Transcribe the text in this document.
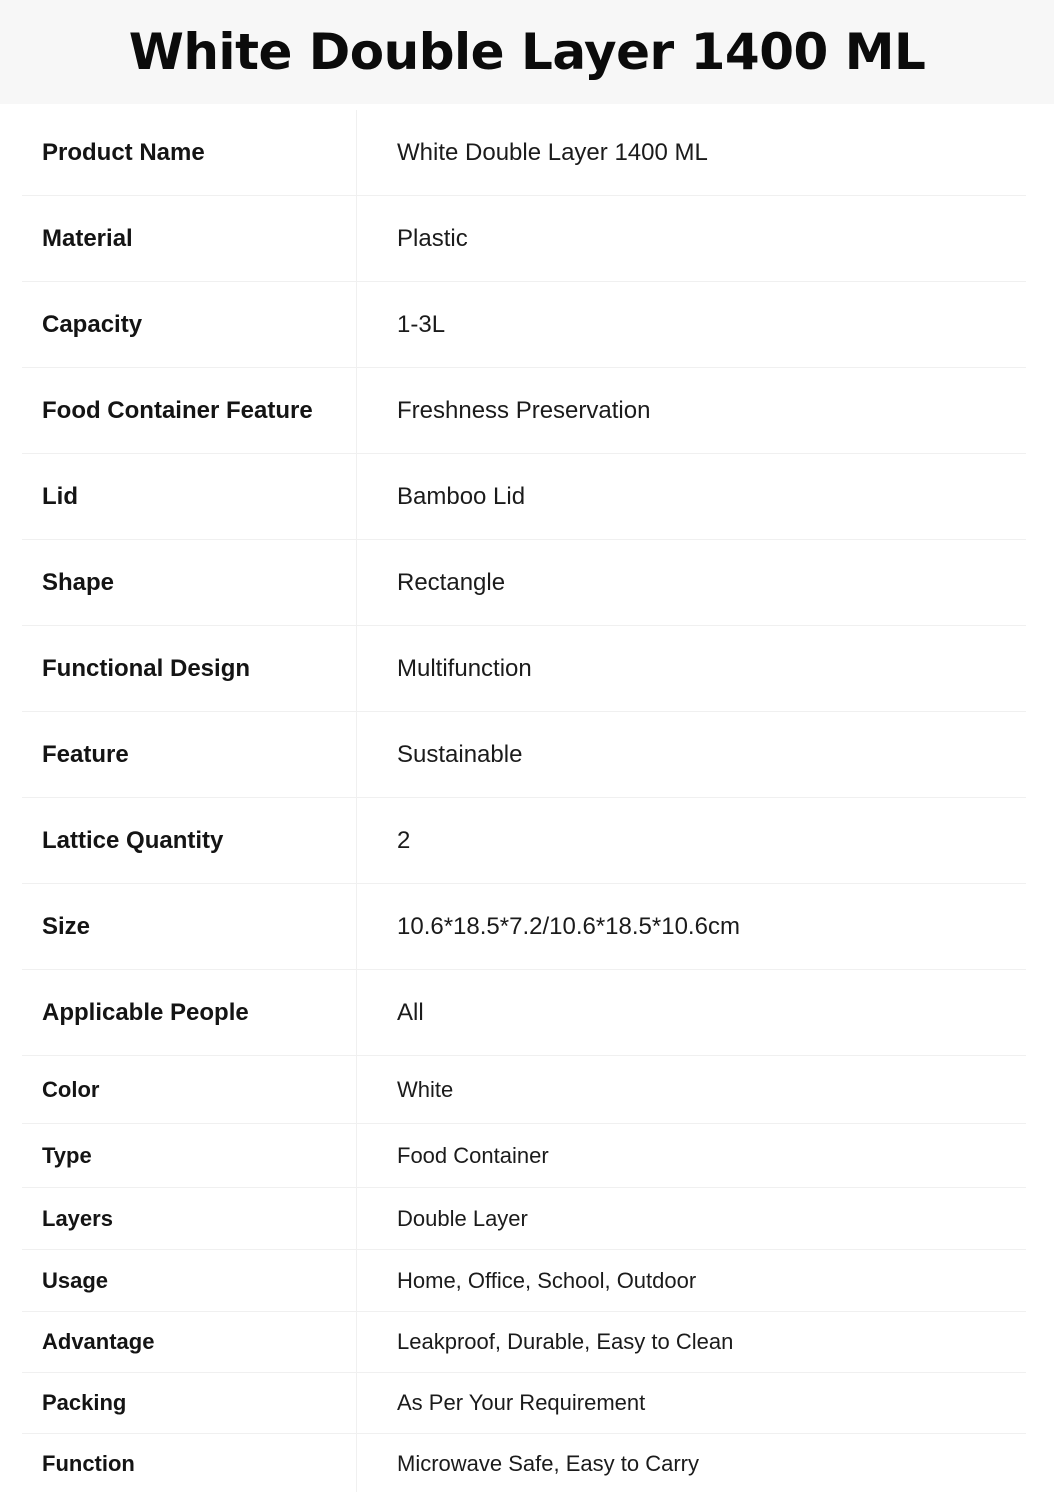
White Double Layer 1400 ML
Product Name	White Double Layer 1400 ML
Material	Plastic
Capacity	1-3L
Food Container Feature	Freshness Preservation
Lid	Bamboo Lid
Shape	Rectangle
Functional Design	Multifunction
Feature	Sustainable
Lattice Quantity	2
Size	10.6*18.5*7.2/10.6*18.5*10.6cm
Applicable People	All
Color	White
Type	Food Container
Layers	Double Layer
Usage	Home, Office, School, Outdoor
Advantage	Leakproof, Durable, Easy to Clean
Packing	As Per Your Requirement
Function	Microwave Safe, Easy to Carry
